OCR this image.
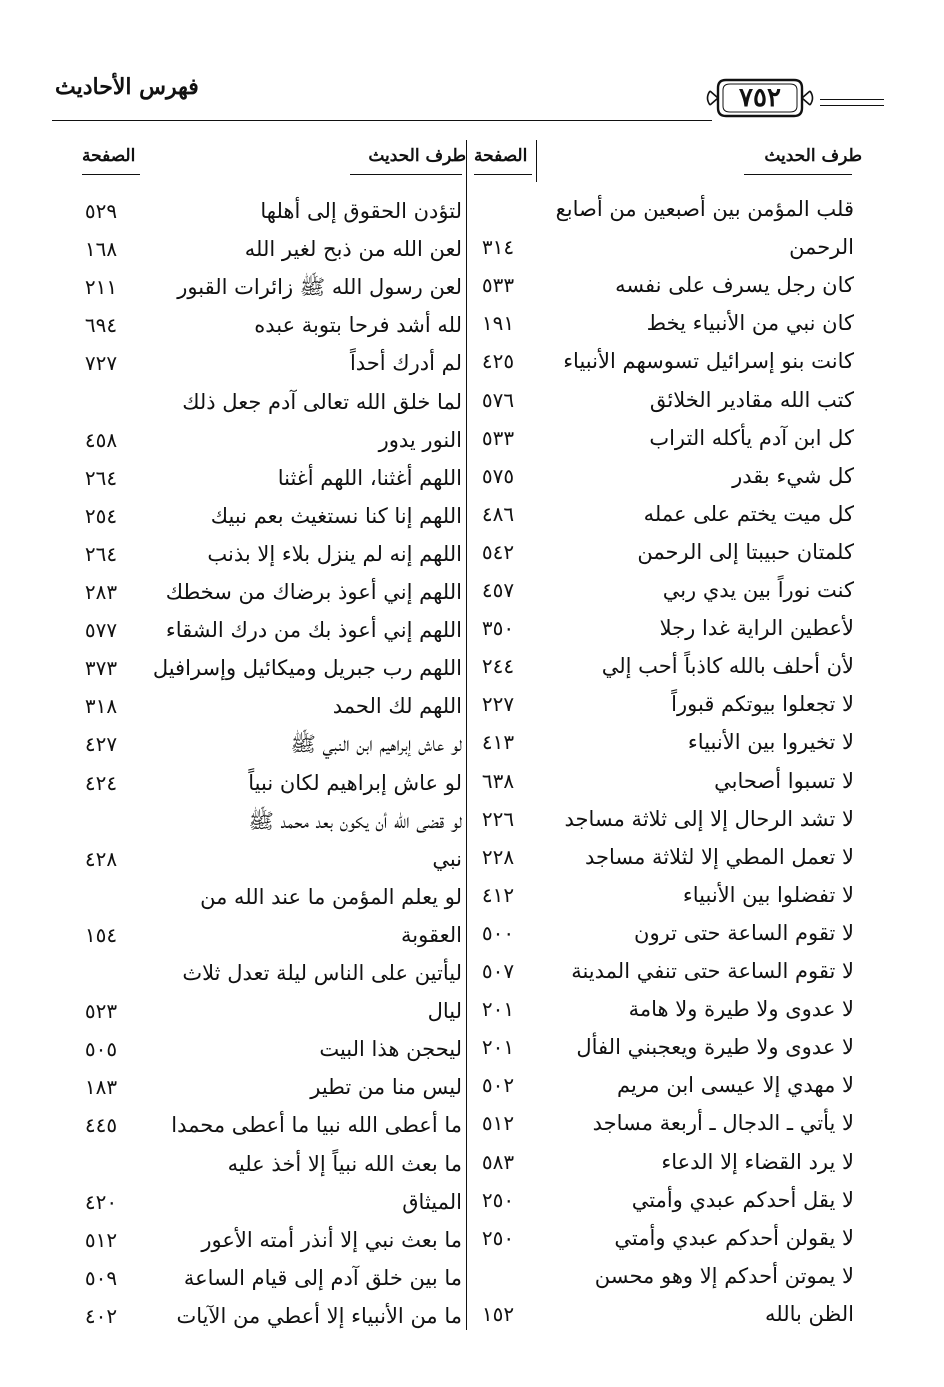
فهرس الأحاديث	٧٥٢
طرف الحديث
الصفحة
طرف الحديث
الصفحة
قلب المؤمن بين أصبعين من أصابع
الرحمن
٣١٤
كان رجل يسرف على نفسه
٥٣٣
كان نبي من الأنبياء يخط
١٩١
كانت بنو إسرائيل تسوسهم الأنبياء
٤٢٥
كتب الله مقادير الخلائق
٥٧٦
كل ابن آدم يأكله التراب
٥٣٣
كل شيء بقدر
٥٧٥
كل ميت يختم على عمله
٤٨٦
كلمتان حبيبتا إلى الرحمن
٥٤٢
كنت نوراً بين يدي ربي
٤٥٧
لأعطين الراية غدا رجلا
٣٥٠
لأن أحلف بالله كاذباً أحب إلي
٢٤٤
لا تجعلوا بيوتكم قبوراً
٢٢٧
لا تخيروا بين الأنبياء
٤١٣
لا تسبوا أصحابي
٦٣٨
لا تشد الرحال إلا إلى ثلاثة مساجد
٢٢٦
لا تعمل المطي إلا لثلاثة مساجد
٢٢٨
لا تفضلوا بين الأنبياء
٤١٢
لا تقوم الساعة حتى ترون
٥٠٠
لا تقوم الساعة حتى تنفي المدينة
٥٠٧
لا عدوى ولا طيرة ولا هامة
٢٠١
لا عدوى ولا طيرة ويعجبني الفأل
٢٠١
لا مهدي إلا عيسى ابن مريم
٥٠٢
لا يأتي ـ الدجال ـ أربعة مساجد
٥١٢
لا يرد القضاء إلا الدعاء
٥٨٣
لا يقل أحدكم عبدي وأمتي
٢٥٠
لا يقولن أحدكم عبدي وأمتي
٢٥٠
لا يموتن أحدكم إلا وهو محسن
الظن بالله
١٥٢
لتؤدن الحقوق إلى أهلها
٥٢٩
لعن الله من ذبح لغير الله
١٦٨
لعن رسول الله ﷺ زائرات القبور
٢١١
لله أشد فرحا بتوبة عبده
٦٩٤
لم أدرك أحداً
٧٢٧
لما خلق الله تعالى آدم جعل ذلك
النور يدور
٤٥٨
اللهم أغثنا، اللهم أغثنا
٢٦٤
اللهم إنا كنا نستغيث بعم نبيك
٢٥٤
اللهم إنه لم ينزل بلاء إلا بذنب
٢٦٤
اللهم إني أعوذ برضاك من سخطك
٢٨٣
اللهم إني أعوذ بك من درك الشقاء
٥٧٧
اللهم رب جبريل وميكائيل وإسرافيل
٣٧٣
اللهم لك الحمد
٣١٨
لو عاش إبراهيم ابن النبي ﷺ
٤٢٧
لو عاش إبراهيم لكان نبياً
٤٢٤
لو قضى الله أن يكون بعد محمد ﷺ
نبي
٤٢٨
لو يعلم المؤمن ما عند الله من
العقوبة
١٥٤
ليأتين على الناس ليلة تعدل ثلاث
ليال
٥٢٣
ليحجن هذا البيت
٥٠٥
ليس منا من تطير
١٨٣
ما أعطى الله نبيا ما أعطى محمدا
٤٤٥
ما بعث الله نبياً إلا أخذ عليه
الميثاق
٤٢٠
ما بعث نبي إلا أنذر أمته الأعور
٥١٢
ما بين خلق آدم إلى قيام الساعة
٥٠٩
ما من الأنبياء إلا أعطي من الآيات
٤٠٢
